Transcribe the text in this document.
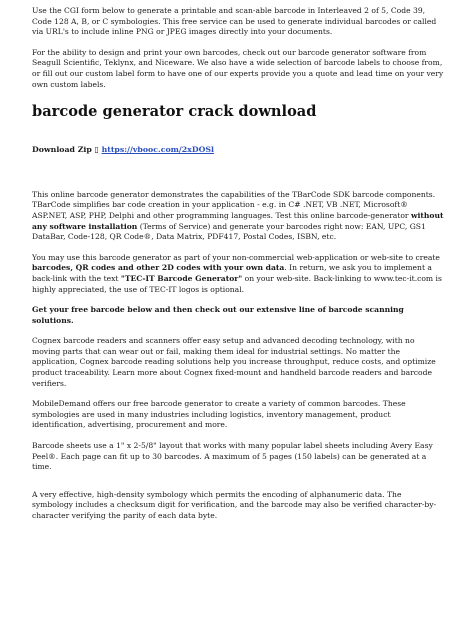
Use the CGI form below to generate a printable and scan-able barcode in Interleaved 2 of 5, Code 39, Code 128 A, B, or C symbologies. This free service can be used to generate individual barcodes or called via URL's to include inline PNG or JPEG images directly into your documents.

For the ability to design and print your own barcodes, check out our barcode generator software from Seagull Scientific, Teklynx, and Niceware. We also have a wide selection of barcode labels to choose from, or fill out our custom label form to have one of our experts provide you a quote and lead time on your very own custom labels.

barcode generator crack download

Download Zip ▯ https://vbooc.com/2xDOSl

This online barcode generator demonstrates the capabilities of the TBarCode SDK barcode components. TBarCode simplifies bar code creation in your application - e.g. in C# .NET, VB .NET, Microsoft® ASP.NET, ASP, PHP, Delphi and other programming languages. Test this online barcode-generator without any software installation (Terms of Service) and generate your barcodes right now: EAN, UPC, GS1 DataBar, Code-128, QR Code®, Data Matrix, PDF417, Postal Codes, ISBN, etc.

You may use this barcode generator as part of your non-commercial web-application or web-site to create barcodes, QR codes and other 2D codes with your own data. In return, we ask you to implement a back-link with the text "TEC-IT Barcode Generator" on your web-site. Back-linking to www.tec-it.com is highly appreciated, the use of TEC-IT logos is optional.

Get your free barcode below and then check out our extensive line of barcode scanning solutions.

Cognex barcode readers and scanners offer easy setup and advanced decoding technology, with no moving parts that can wear out or fail, making them ideal for industrial settings. No matter the application, Cognex barcode reading solutions help you increase throughput, reduce costs, and optimize product traceability. Learn more about Cognex fixed-mount and handheld barcode readers and barcode verifiers.

MobileDemand offers our free barcode generator to create a variety of common barcodes. These symbologies are used in many industries including logistics, inventory management, product identification, advertising, procurement and more.

Barcode sheets use a 1" x 2-5/8" layout that works with many popular label sheets including Avery Easy Peel®. Each page can fit up to 30 barcodes. A maximum of 5 pages (150 labels) can be generated at a time.

A very effective, high-density symbology which permits the encoding of alphanumeric data. The symbology includes a checksum digit for verification, and the barcode may also be verified character-by-character verifying the parity of each data byte.
